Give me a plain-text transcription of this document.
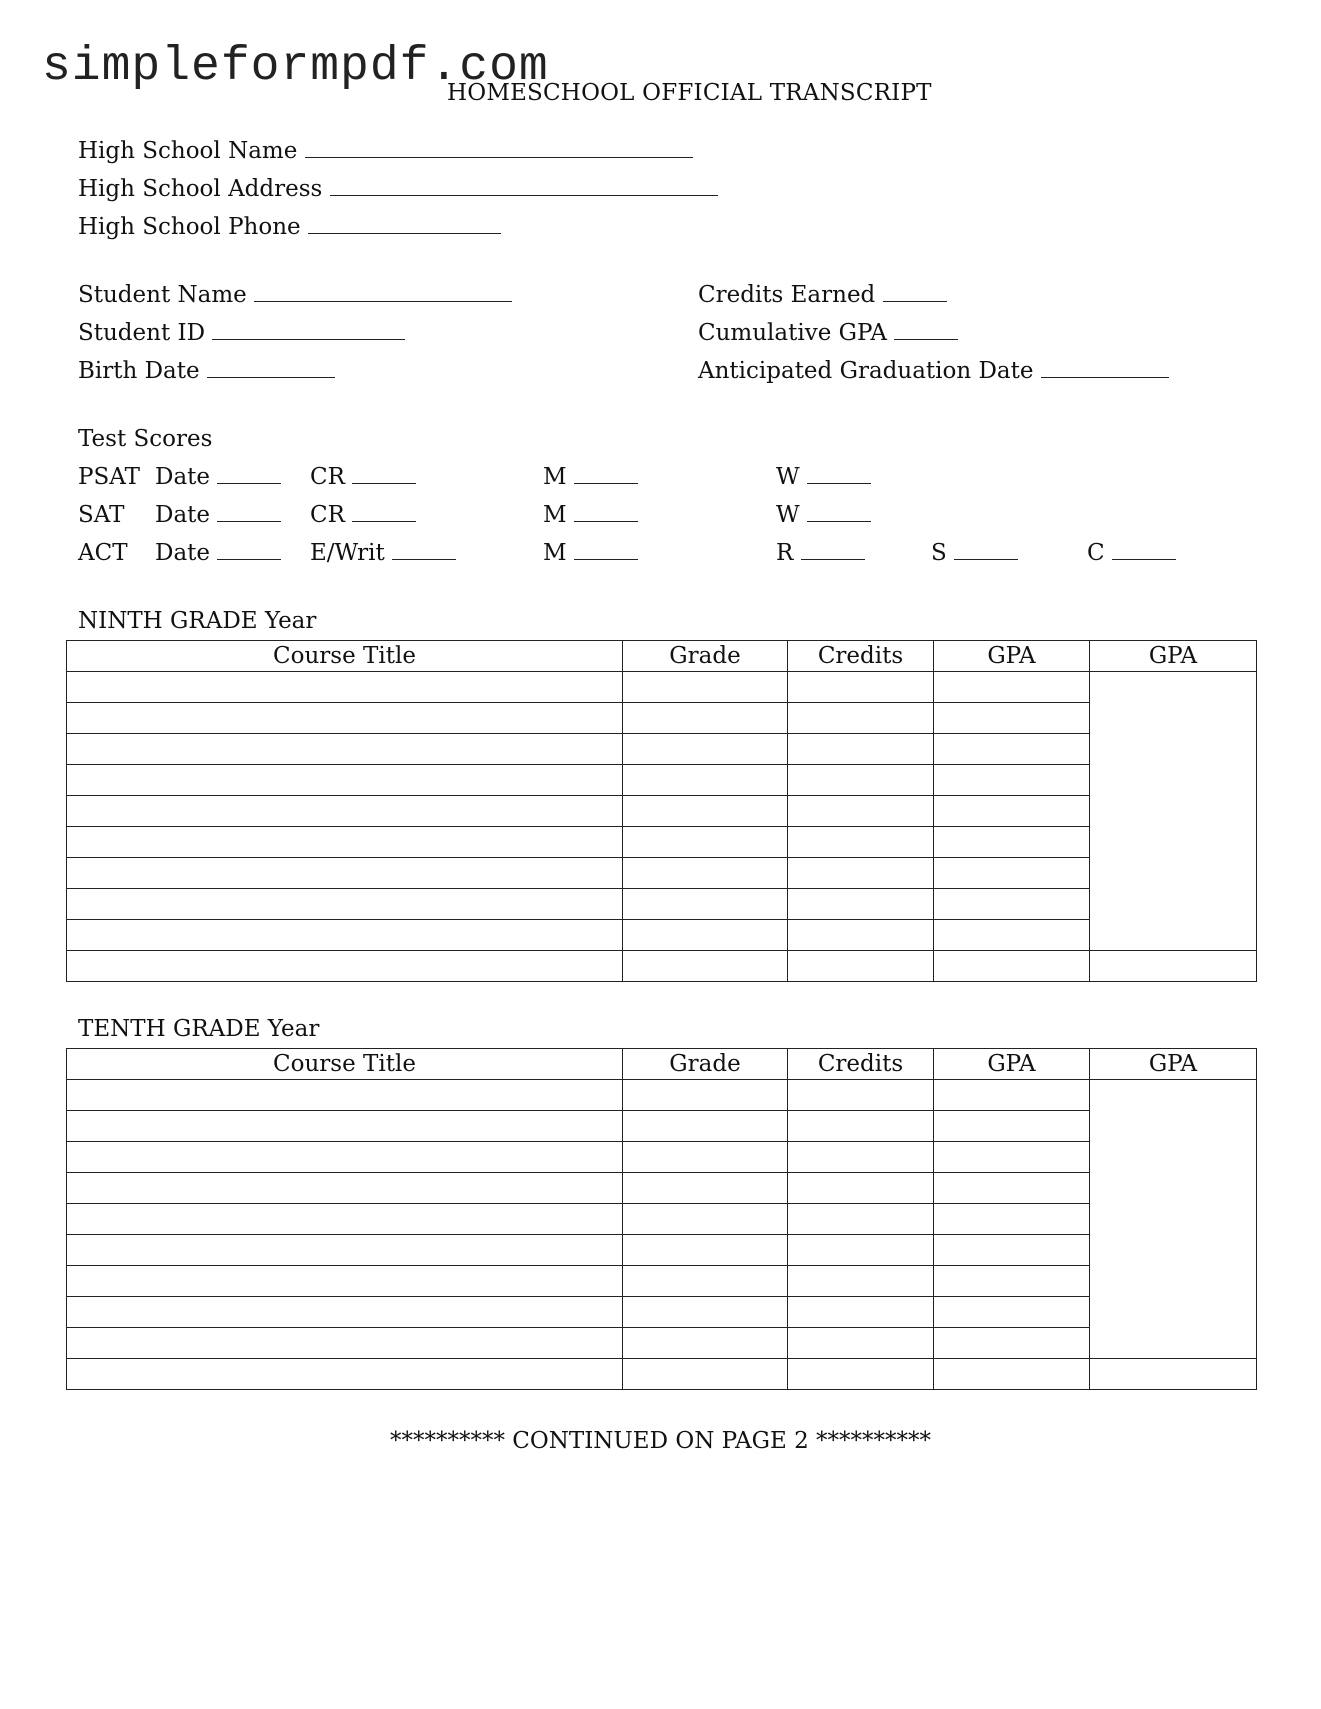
simpleformpdf.com
HOMESCHOOL OFFICIAL TRANSCRIPT
High School Name
High School Address
High School Phone
Student Name
Student ID
Birth Date
Credits Earned
Cumulative GPA
Anticipated Graduation Date
Test Scores
PSAT Date	CR	M	W
SAT Date	CR	M	W
ACT Date	E/Writ	M	R	S	C
NINTH GRADE Year
Course Title	Grade	Credits	GPA	GPA

TENTH GRADE Year
Course Title	Grade	Credits	GPA	GPA

********** CONTINUED ON PAGE 2 **********
